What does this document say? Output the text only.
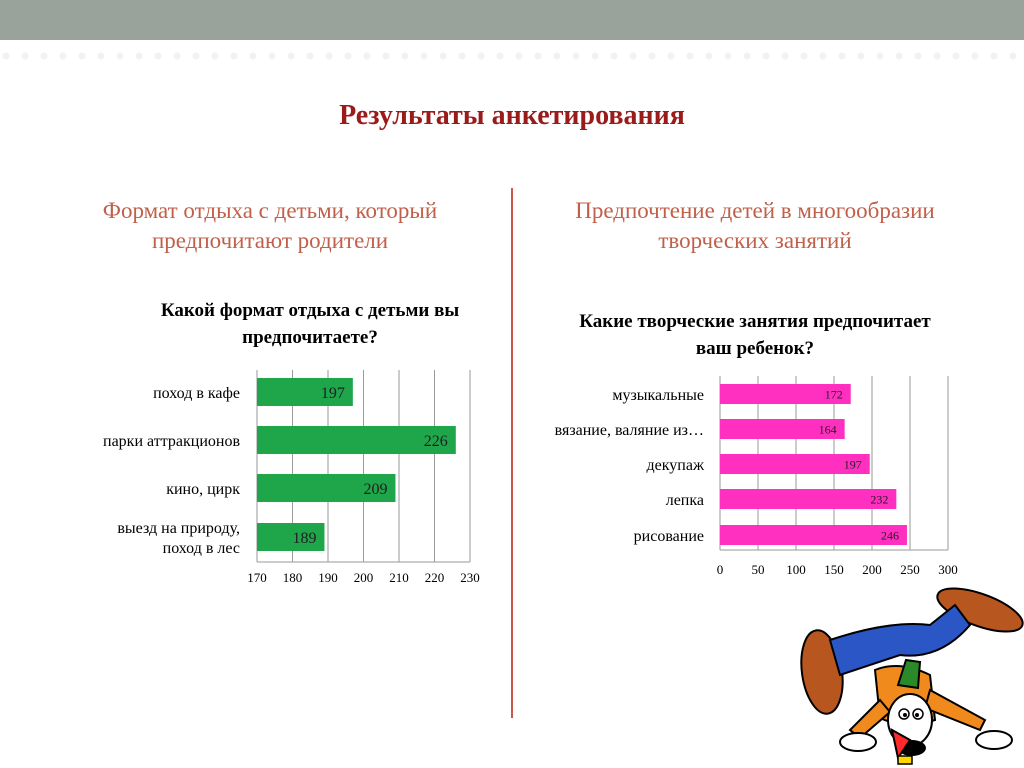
Результаты анкетирования
Формат отдыха с детьми, который предпочитают родители
Предпочтение детей в многообразии творческих занятий
Какой формат отдыха с детьми вы предпочитаете?
Какие творческие занятия предпочитает ваш ребенок?
170 180 190 200 210 220 230
197
поход в кафе
226
парки аттракционов
209
кино, цирк
189
выезд на природу,
поход в лес
0 50 100 150 200 250 300
172
музыкальные
164
вязание, валяние из…
197
декупаж
232
лепка
246
рисование
